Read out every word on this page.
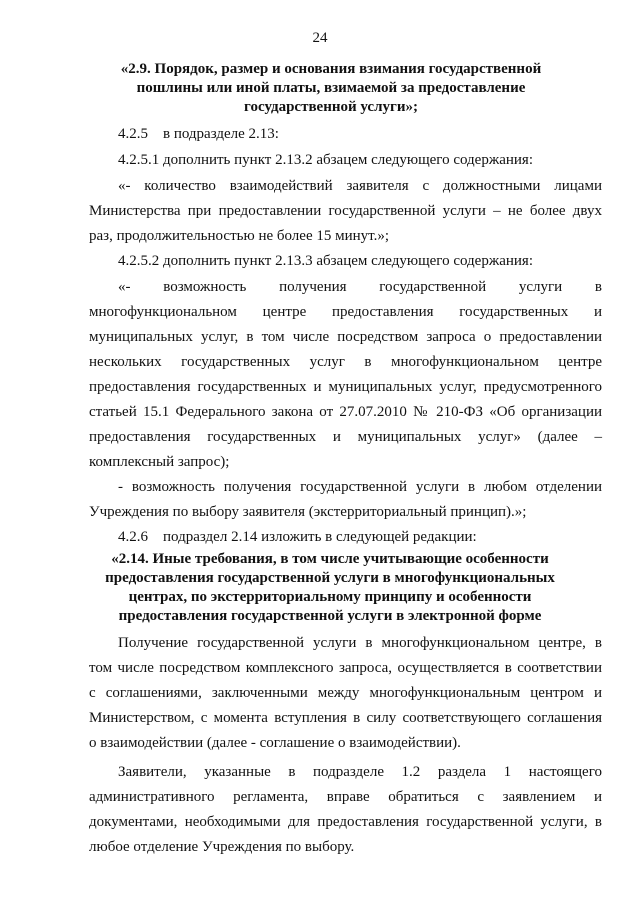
24
«2.9. Порядок, размер и основания взимания государственной
пошлины или иной платы, взимаемой за предоставление
государственной услуги»;
4.2.5    в подразделе 2.13:
4.2.5.1 дополнить пункт 2.13.2 абзацем следующего содержания:
«- количество взаимодействий заявителя с должностными лицами
Министерства при предоставлении государственной услуги – не более двух
раз, продолжительностью не более 15 минут.»;
4.2.5.2 дополнить пункт 2.13.3 абзацем следующего содержания:
«- возможность получения государственной услуги в
многофункциональном центре предоставления государственных и
муниципальных услуг, в том числе посредством запроса о предоставлении
нескольких государственных услуг в многофункциональном центре
предоставления государственных и муниципальных услуг, предусмотренного
статьей 15.1 Федерального закона от 27.07.2010 № 210-ФЗ «Об организации
предоставления государственных и муниципальных услуг» (далее –
комплексный запрос);
- возможность получения государственной услуги в любом отделении
Учреждения по выбору заявителя (экстерриториальный принцип).»;
4.2.6    подраздел 2.14 изложить в следующей редакции:
«2.14. Иные требования, в том числе учитывающие особенности
предоставления государственной услуги в многофункциональных
центрах, по экстерриториальному принципу и особенности
предоставления государственной услуги в электронной форме
Получение государственной услуги в многофункциональном центре, в
том числе посредством комплексного запроса, осуществляется в соответствии
с соглашениями, заключенными между многофункциональным центром и
Министерством, с момента вступления в силу соответствующего соглашения
о взаимодействии (далее - соглашение о взаимодействии).
Заявители, указанные в подразделе 1.2 раздела 1 настоящего
административного регламента, вправе обратиться с заявлением и
документами, необходимыми для предоставления государственной услуги, в
любое отделение Учреждения по выбору.
